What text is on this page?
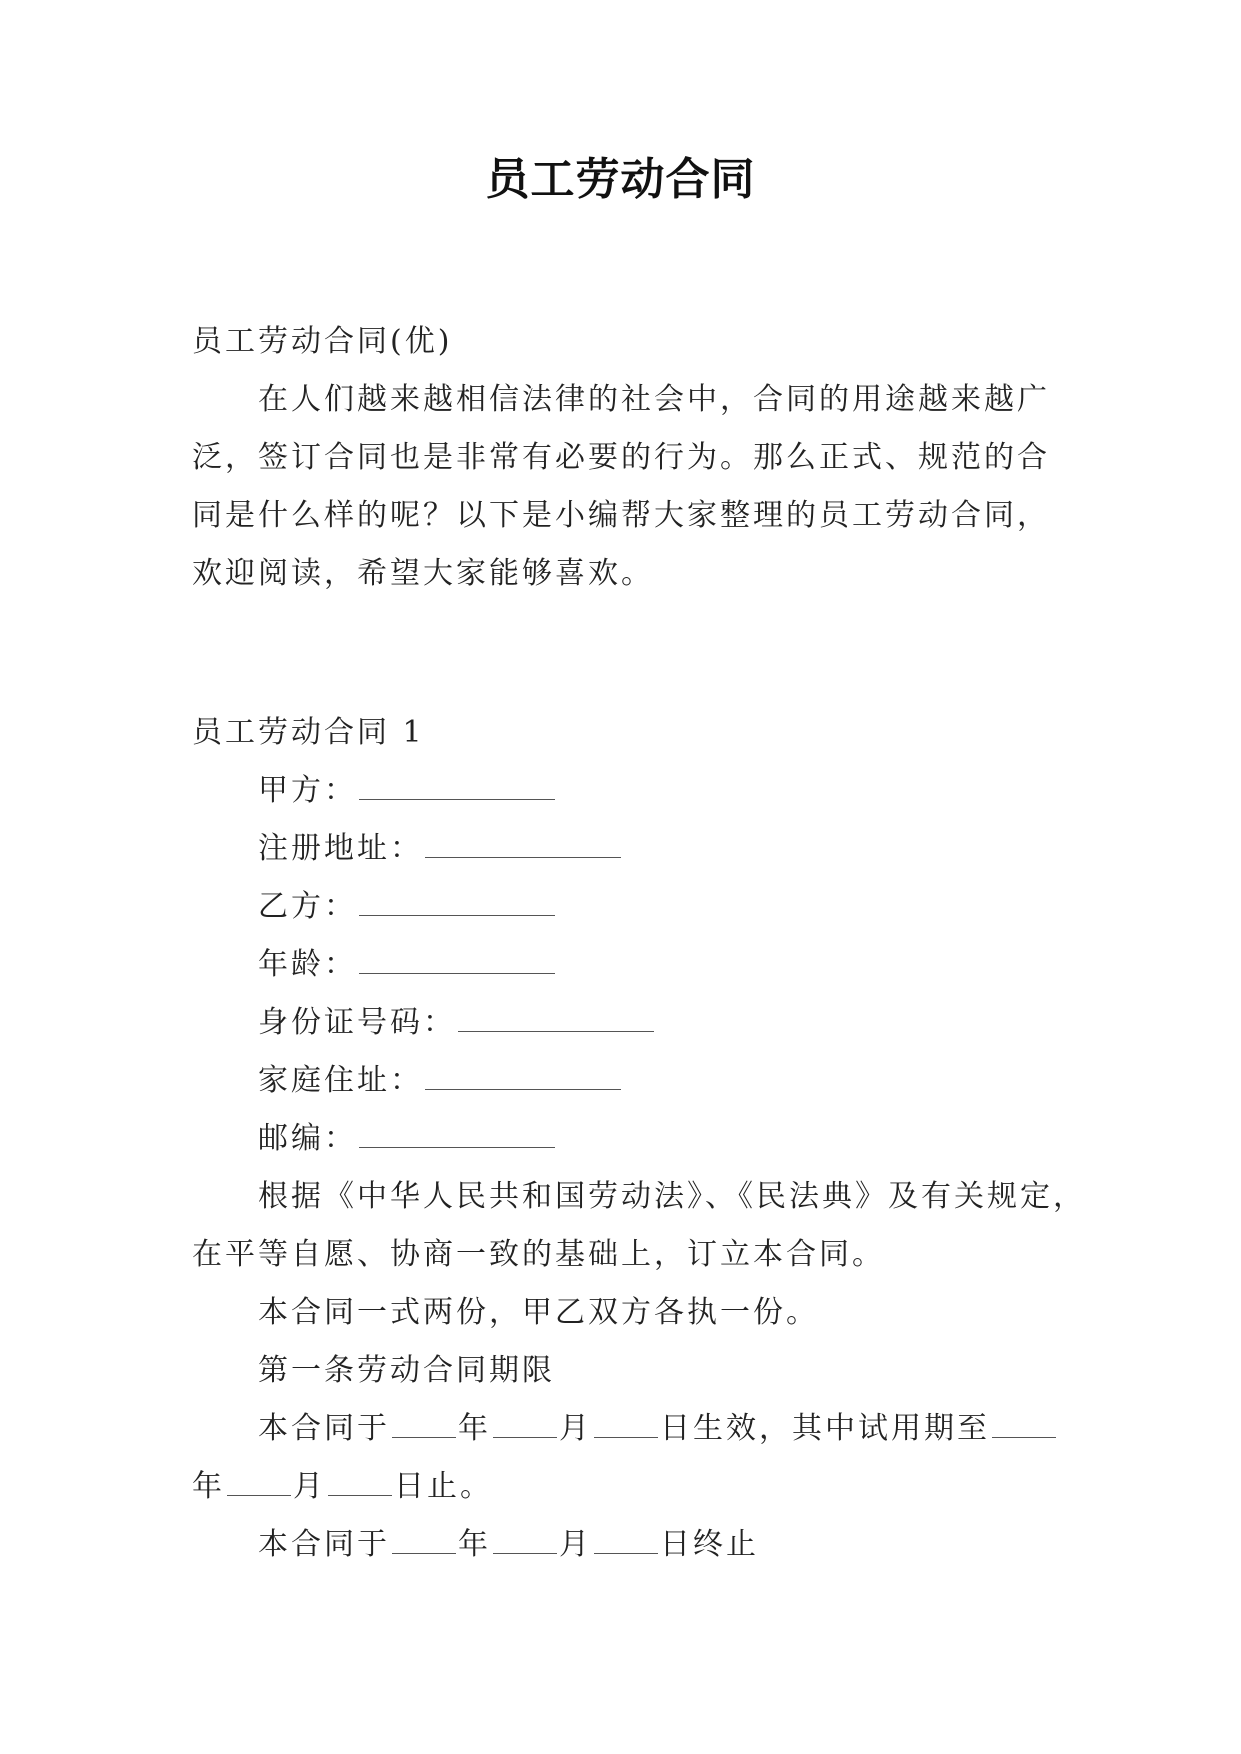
员工劳动合同
员工劳动合同(优)
在人们越来越相信法律的社会中，合同的用途越来越广
泛，签订合同也是非常有必要的行为。那么正式、规范的合
同是什么样的呢？以下是小编帮大家整理的员工劳动合同，
欢迎阅读，希望大家能够喜欢。
员工劳动合同 1
甲方：
注册地址：
乙方：
年龄：
身份证号码：
家庭住址：
邮编：
根据《中华人民共和国劳动法》、《民法典》及有关规定，
在平等自愿、协商一致的基础上，订立本合同。
本合同一式两份，甲乙双方各执一份。
第一条劳动合同期限
本合同于 年 月 日生效，其中试用期至
年 月 日止。
本合同于 年 月 日终止
